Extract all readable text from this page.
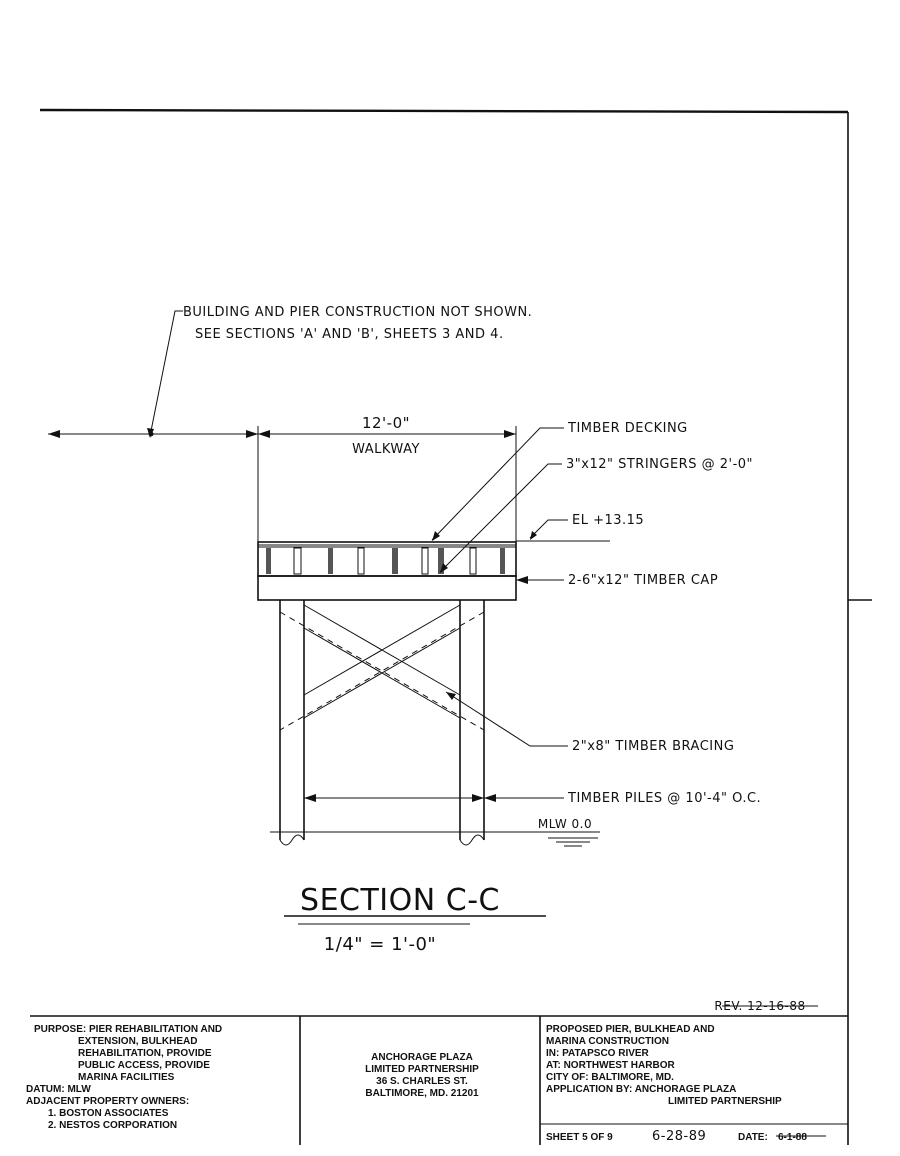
BUILDING AND PIER CONSTRUCTION NOT SHOWN.
SEE SECTIONS 'A' AND 'B', SHEETS 3 AND 4.
12'-0"
WALKWAY
MLW 0.0
TIMBER DECKING
3"x12" STRINGERS @ 2'-0"
EL +13.15
2-6"x12" TIMBER CAP
2"x8" TIMBER BRACING
TIMBER PILES @ 10'-4" O.C.
SECTION C-C
1/4" = 1'-0"
REV. 12-16-88
PURPOSE: PIER REHABILITATION AND
EXTENSION, BULKHEAD
REHABILITATION, PROVIDE
PUBLIC ACCESS, PROVIDE
MARINA FACILITIES
DATUM: MLW
ADJACENT PROPERTY OWNERS:
1. BOSTON ASSOCIATES
2. NESTOS CORPORATION
ANCHORAGE PLAZA
LIMITED PARTNERSHIP
36 S. CHARLES ST.
BALTIMORE, MD. 21201
PROPOSED PIER, BULKHEAD AND
MARINA CONSTRUCTION
IN: PATAPSCO RIVER
AT: NORTHWEST HARBOR
CITY OF: BALTIMORE, MD.
APPLICATION BY: ANCHORAGE PLAZA
LIMITED PARTNERSHIP
SHEET 5 OF 9	6-28-89	DATE: 6-1-88
